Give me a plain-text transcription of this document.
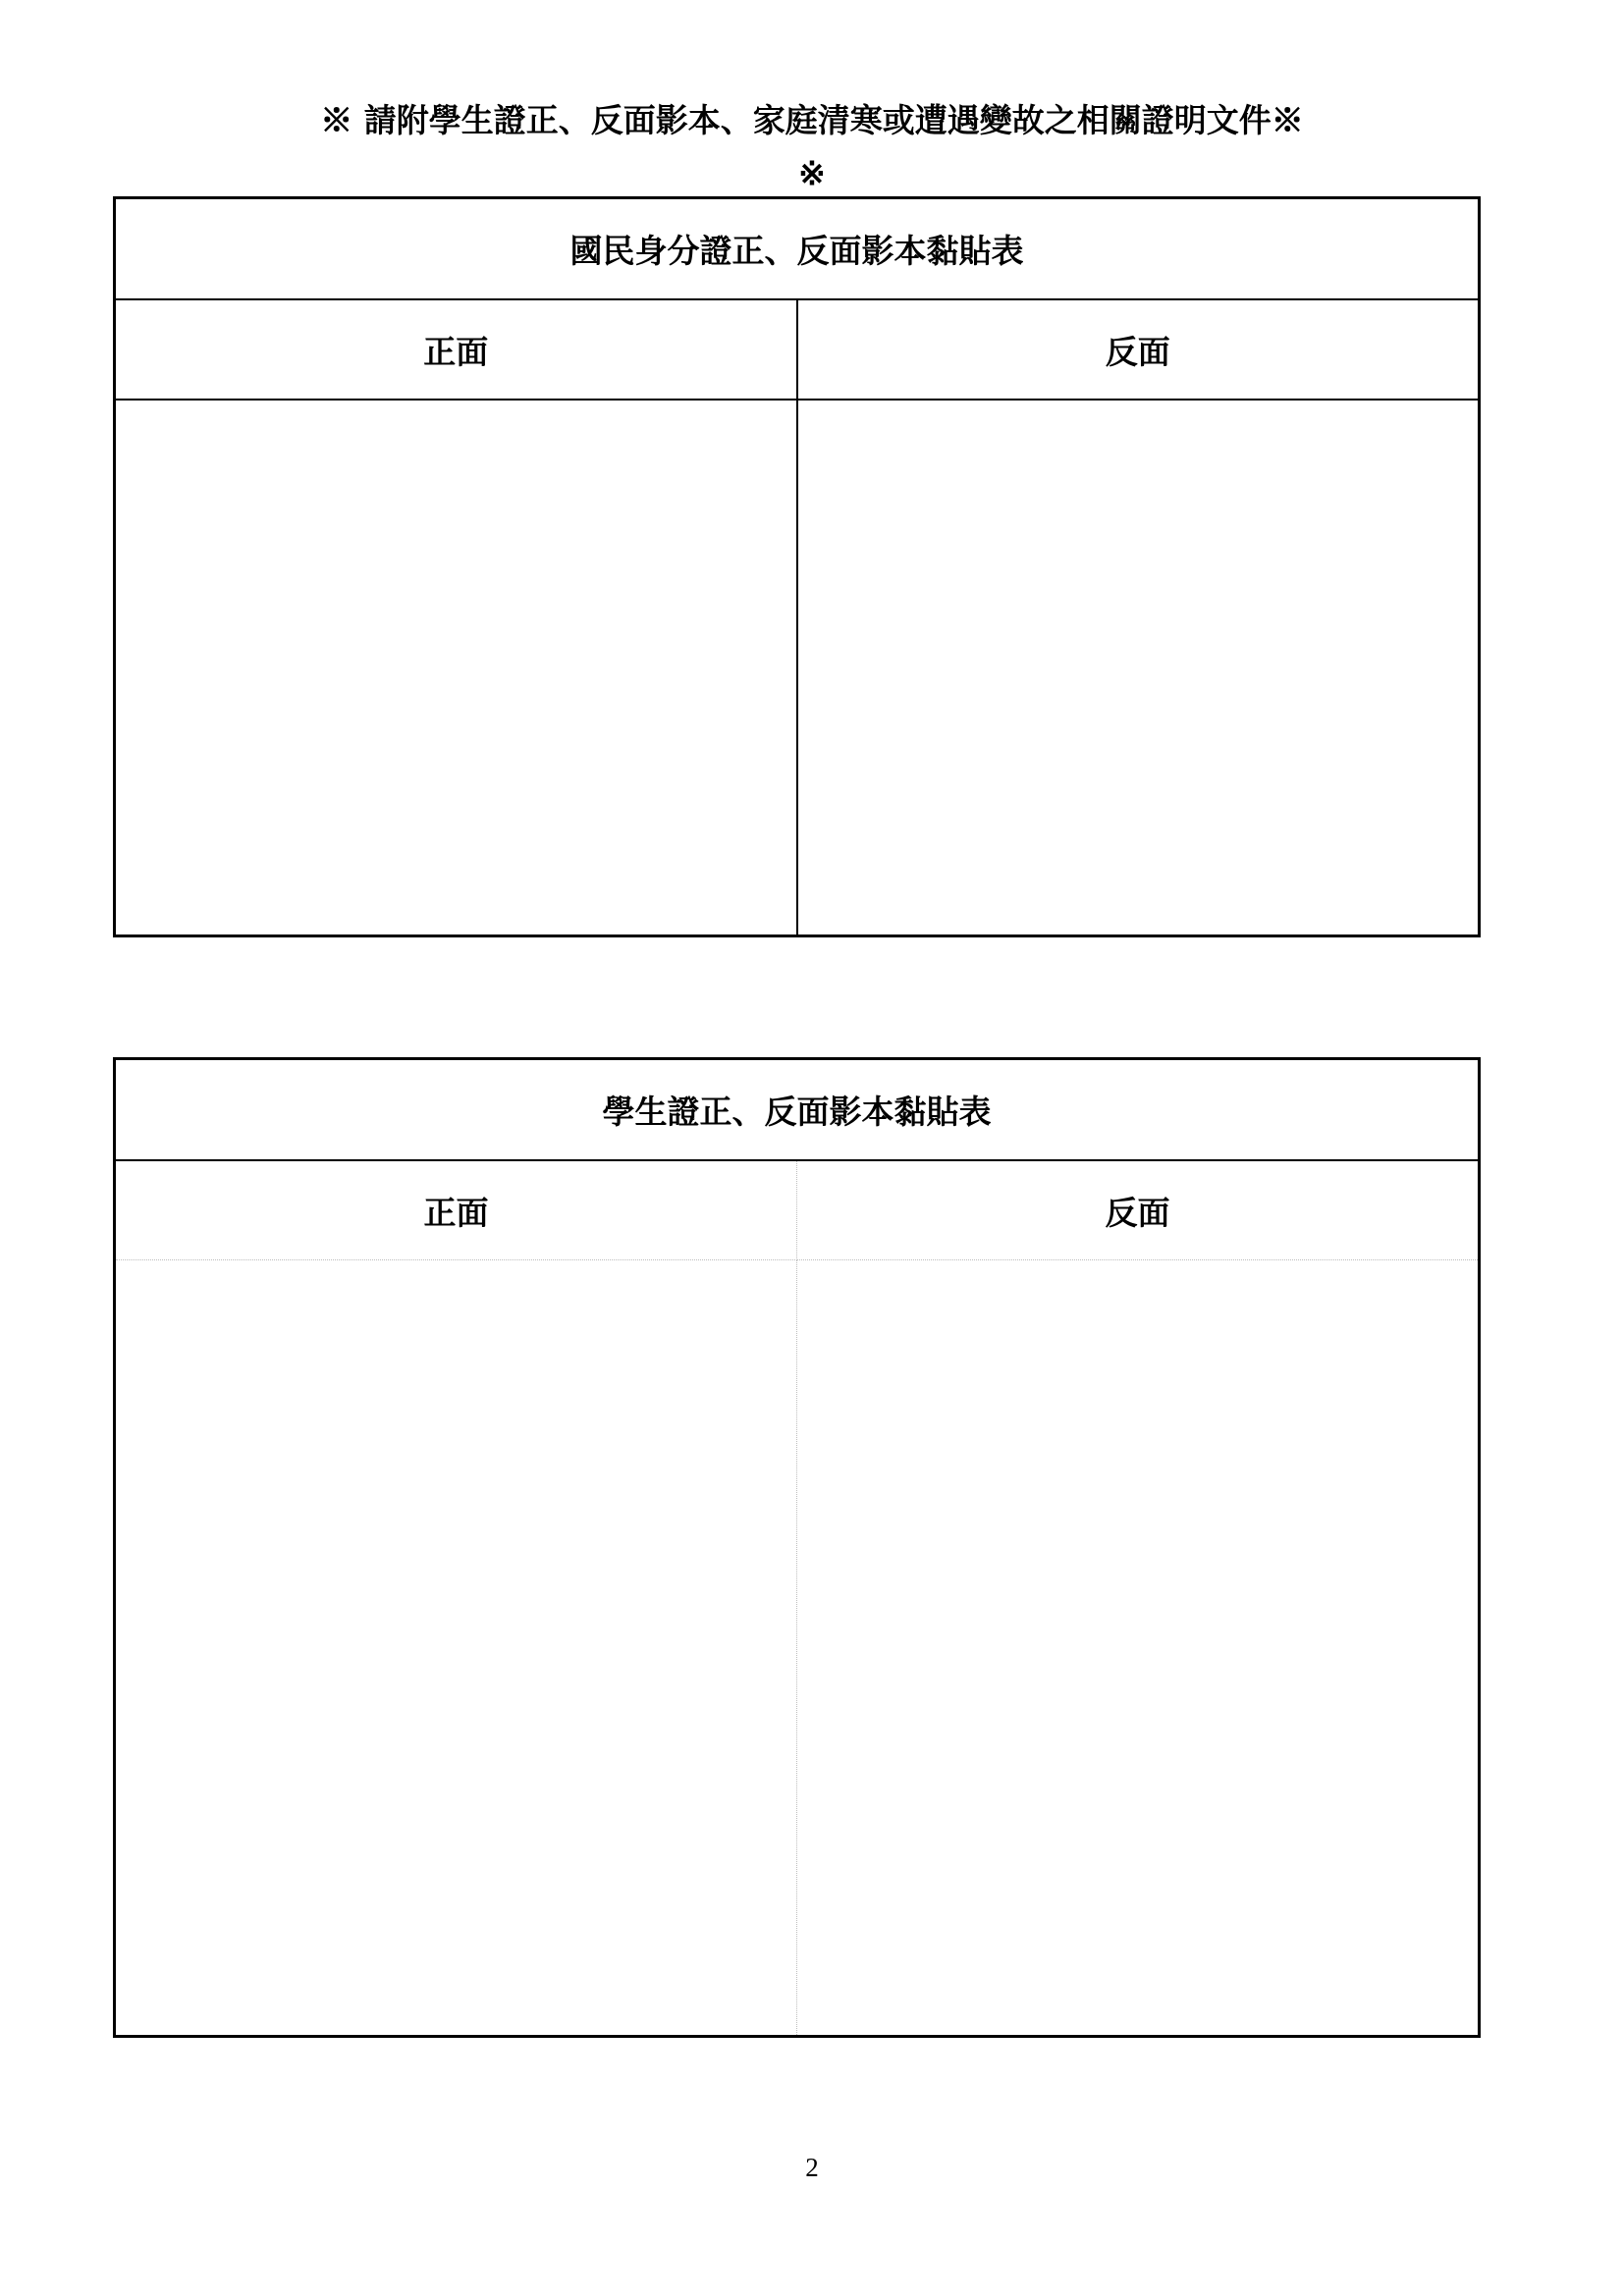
※ 請附學生證正、反面影本、家庭清寒或遭遇變故之相關證明文件※
※
國民身分證正、反面影本黏貼表	
正面	反面

學生證正、反面影本黏貼表	
正面	反面

2
